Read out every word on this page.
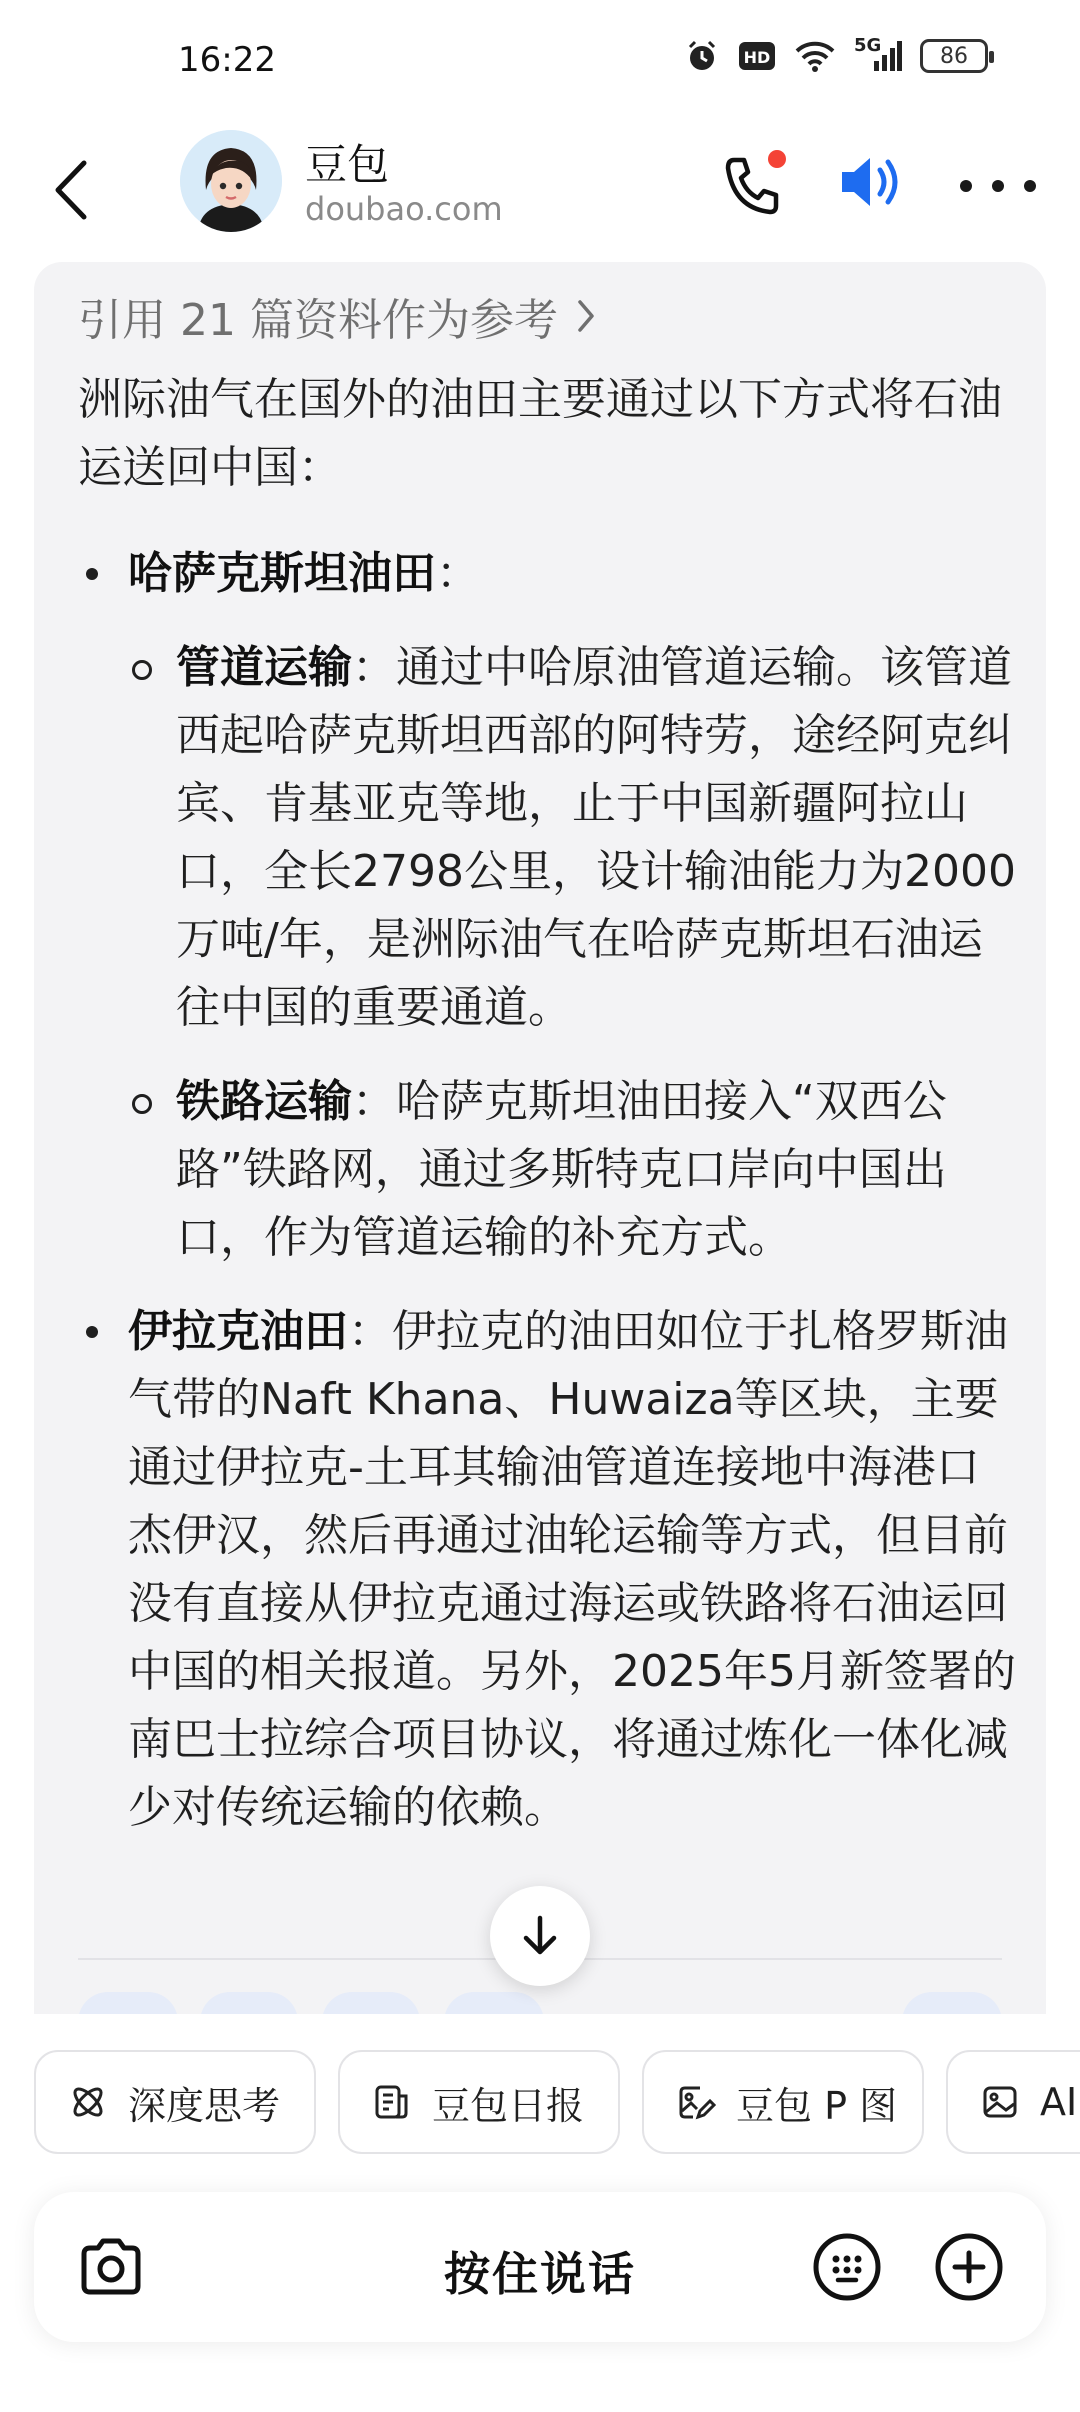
16:22	HD
5G	86
豆包
doubao.com
引用 21 篇资料作为参考
洲际油气在国外的油田主要通过以下方式将石油运送回中国：
哈萨克斯坦油田：
管道运输：通过中哈原油管道运输。该管道西起哈萨克斯坦西部的阿特劳，途经阿克纠宾、肯基亚克等地，止于中国新疆阿拉山口，全长2798公里，设计输油能力为2000万吨/年，是洲际油气在哈萨克斯坦石油运往中国的重要通道。
铁路运输：哈萨克斯坦油田接入“双西公路”铁路网，通过多斯特克口岸向中国出口，作为管道运输的补充方式。
伊拉克油田：伊拉克的油田如位于扎格罗斯油气带的Naft Khana、Huwaiza等区块，主要通过伊拉克-土耳其输油管道连接地中海港口杰伊汉，然后再通过油轮运输等方式，但目前没有直接从伊拉克通过海运或铁路将石油运回中国的相关报道。另外，2025年5月新签署的南巴士拉综合项目协议，将通过炼化一体化减少对传统运输的依赖。
深度思考	豆包日报	豆包 P 图	AI
按住说话
